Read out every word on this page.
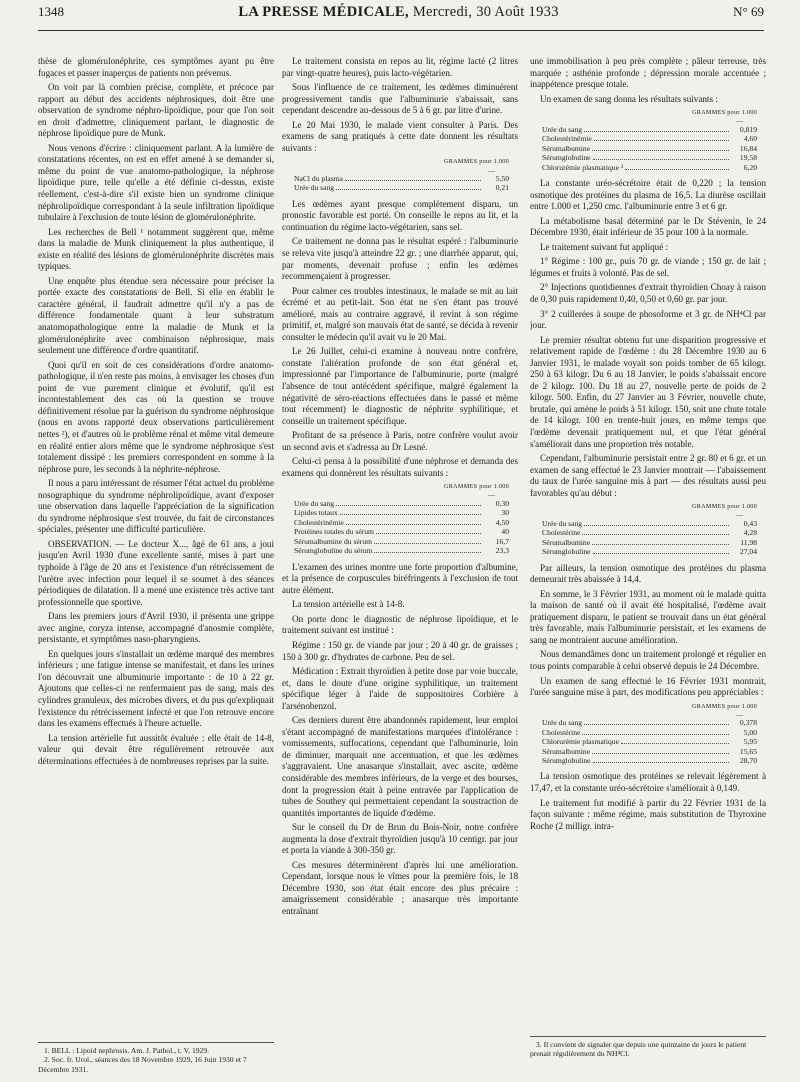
1348	LA PRESSE MÉDICALE, Mercredi, 30 Août 1933	N° 69

thèse de glomérulonéphrite, ces symptômes ayant pu être fugaces et passer inaperçus de patients non prévenus.

On voit par là combien précise, complète, et précoce par rapport au début des accidents néphrosiques, doit être une observation de syndrome néphro-lipoïdique, pour que l'on soit en droit d'admettre, cliniquement parlant, le diagnostic de néphrose lipoïdique pure de Munk.

Nous venons d'écrire : cliniquement parlant. A la lumière de constatations récentes, on est en effet amené à se demander si, même du point de vue anatomo-pathologique, la néphrose lipoïdique pure, telle qu'elle a été définie ci-dessus, existe réellement, c'est-à-dire s'il existe bien un syndrome clinique néphrolipoïdique correspondant à la seule infiltration lipoïdique tubulaire à l'exclusion de toute lésion de glomérulonéphrite.

Les recherches de Bell ¹ notamment suggèrent que, même dans la maladie de Munk cliniquement la plus authentique, il existe en réalité des lésions de glomérulonéphrite discrètes mais typiques.

Une enquête plus étendue sera nécessaire pour préciser la portée exacte des constatations de Bell. Si elle en établit le caractère général, il faudrait admettre qu'il n'y a pas de différence fondamentale quant à leur substratum anatomopathologique entre la maladie de Munk et la glomérulonéphrite avec combinaison néphrosique, mais seulement une différence d'ordre quantitatif.

Quoi qu'il en soit de ces considérations d'ordre anatomo-pathologique, il n'en reste pas moins, à envisager les choses d'un point de vue purement clinique et évolutif, qu'il est incontestablement des cas où la question se trouve définitivement résolue par la guérison du syndrome néphrosique (nous en avons rapporté deux observations particulièrement nettes ²), et d'autres où le problème rénal et même vital demeure en réalité entier alors même que le syndrome néphrosique s'est totalement dissipé : les premiers correspondent en somme à la néphrose pure, les seconds à la néphrite-néphrose.

Il nous a paru intéressant de résumer l'état actuel du problème nosographique du syndrome néphrolipoïdique, avant d'exposer une observation dans laquelle l'appréciation de la signification du syndrome néphrosique s'est trouvée, du fait de circonstances spéciales, présenter une difficulté particulière.

OBSERVATION. — Le docteur X..., âgé de 61 ans, a joui jusqu'en Avril 1930 d'une excellente santé, mises à part une typhoïde à l'âge de 20 ans et l'existence d'un rétrécissement de l'urètre avec infection pour lequel il se soumet à des séances périodiques de dilatation. Il a mené une existence très active tant professionnelle que sportive.

Dans les premiers jours d'Avril 1930, il présenta une grippe avec angine, coryza intense, accompagné d'anosmie complète, persistante, et symptômes naso-pharyngiens.

En quelques jours s'installait un œdème marqué des membres inférieurs ; une fatigue intense se manifestait, et dans les urines l'on découvrait une albuminurie importante : de 10 à 22 gr. Ajoutons que celles-ci ne renfermaient pas de sang, mais des cylindres granuleux, des microbes divers, et du pus qu'expliquait l'existence du rétrécissement infecté et que l'on retrouve encore dans les examens effectués à l'heure actuelle.

La tension artérielle fut aussitôt évaluée : elle était de 14-8, valeur qui devait être régulièrement retrouvée aux déterminations effectuées à de nombreuses reprises par la suite.

1. BELL : Lipoid nephrosis. Am. J. Pathol., t. V, 1929.

2. Soc. fr. Urol., séances des 18 Novembre 1929, 16 Juin 1930 et 7 Décembre 1931.

Le traitement consista en repos au lit, régime lacté (2 litres par vingt-quatre heures), puis lacto-végétarien.

Sous l'influence de ce traitement, les œdèmes diminuèrent progressivement tandis que l'albuminurie s'abaissait, sans cependant descendre au-dessous de 5 à 6 gr. par litre d'urine.

Le 20 Mai 1930, le malade vient consulter à Paris. Des examens de sang pratiqués à cette date donnent les résultats suivants :

GRAMMES pour 1.000
—
NaCl du plasma	5,50
Urée du sang	0,21

Les œdèmes ayant presque complètement disparu, un pronostic favorable est porté. On conseille le repos au lit, et la continuation du régime lacto-végétarien, sans sel.

Ce traitement ne donna pas le résultat espéré : l'albuminurie se releva vite jusqu'à atteindre 22 gr. ; une diarrhée apparut, qui, par moments, devenait profuse ; enfin les œdèmes recommençaient à progresser.

Pour calmer ces troubles intestinaux, le malade se mit au lait écrémé et au petit-lait. Son état ne s'en étant pas trouvé amélioré, mais au contraire aggravé, il revint à son régime primitif, et, malgré son mauvais état de santé, se décida à revenir consulter le médecin qu'il avait vu le 20 Mai.

Le 26 Juillet, celui-ci examine à nouveau notre confrère, constate l'altération profonde de son état général et, impressionné par l'importance de l'albuminurie, porte (malgré l'absence de tout antécédent spécifique, malgré également la négativité de séro-réactions effectuées dans le passé et même tout récemment) le diagnostic de néphrite syphilitique, et conseille un traitement spécifique.

Profitant de sa présence à Paris, notre confrère voulut avoir un second avis et s'adressa au Dr Lesné.

Celui-ci pensa à la possibilité d'une néphrose et demanda des examens qui donnèrent les résultats suivants :

GRAMMES pour 1.000
—
Urée du sang	0,30
Lipides totaux	30
Cholestérinémie	4,50
Protéines totales du sérum	40
Sérumalbumine du sérum	16,7
Sérumglobuline du sérum	23,3

L'examen des urines montre une forte proportion d'albumine, et la présence de corpuscules biréfringents à l'exclusion de tout autre élément.

La tension artérielle est à 14-8.

On porte donc le diagnostic de néphrose lipoïdique, et le traitement suivant est institué :

Régime : 150 gr. de viande par jour ; 20 à 40 gr. de graisses ; 150 à 300 gr. d'hydrates de carbone. Peu de sel.

Médication : Extrait thyroïdien à petite dose par voie buccale, et, dans le doute d'une origine syphilitique, un traitement spécifique léger à l'aide de suppositoires Corbière à l'arsénobenzol.

Ces derniers durent être abandonnés rapidement, leur emploi s'étant accompagné de manifestations marquées d'intolérance : vomissements, suffocations, cependant que l'albuminurie, loin de diminuer, marquait une accentuation, et que les œdèmes s'aggravaient. Une anasarque s'installait, avec ascite, œdème considérable des membres inférieurs, de la verge et des bourses, dont la progression était à peine entravée par l'application de tubes de Southey qui permettaient cependant la soustraction de quantités importantes de liquide d'œdème.

Sur le conseil du Dr de Brun du Bois-Noir, notre confrère augmenta la dose d'extrait thyroïdien jusqu'à 10 centigr. par jour et porta la viande à 300-350 gr.

Ces mesures déterminèrent d'après lui une amélioration. Cependant, lorsque nous le vîmes pour la première fois, le 18 Décembre 1930, son état était encore des plus précaire : amaigrissement considérable ; anasarque très importante entraînant

une immobilisation à peu près complète ; pâleur terreuse, très marquée ; asthénie profonde ; dépression morale accentuée ; inappétence presque totale.

Un examen de sang donna les résultats suivants :

GRAMMES pour 1.000
—
Urée du sang	0,819
Cholestérinémie	4,60
Sérumalbumine	16,84
Sérumglobuline	19,58
Chlorurémie plasmatique ³	6,20

La constante uréo-sécrétoire était de 0,220 ; la tension osmotique des protéines du plasma de 16,5. La diurèse oscillait entre 1.000 et 1,250 cmc. l'albuminurie entre 3 et 6 gr.

La métabolisme basal déterminé par le Dr Stévenin, le 24 Décembre 1930, était inférieur de 35 pour 100 à la normale.

Le traitement suivant fut appliqué :

1° Régime : 100 gr., puis 70 gr. de viande ; 150 gr. de lait ; légumes et fruits à volonté. Pas de sel.

2° Injections quotidiennes d'extrait thyroïdien Choay à raison de 0,30 puis rapidement 0,40, 0,50 et 0,60 gr. par jour.

3° 2 cuillerées à soupe de phosoforme et 3 gr. de NH⁴Cl par jour.

Le premier résultat obtenu fut une disparition progressive et relativement rapide de l'œdème : du 28 Décembre 1930 au 6 Janvier 1931, le malade voyait son poids tomber de 65 kilogr. 250 à 63 kilogr. Du 6 au 18 Janvier, le poids s'abaissait encore de 2 kilogr. 100. Du 18 au 27, nouvelle perte de poids de 2 kilogr. 500. Enfin, du 27 Janvier au 3 Février, nouvelle chute, brutale, qui amène le poids à 51 kilogr. 150, soit une chute totale de 14 kilogr. 100 en trente-huit jours, en même temps que l'œdème devenait pratiquement nul, et que l'état général s'améliorait dans une proportion très notable.

Cependant, l'albuminurie persistait entre 2 gr. 80 et 6 gr. et un examen de sang effectué le 23 Janvier montrait — l'abaissement du taux de l'urée sanguine mis à part — des résultats aussi peu favorables qu'au début :

GRAMMES pour 1.000
—
Urée du sang	0,43
Cholestérine	4,28
Sérumalbumine	11,98
Sérumglobuline	27,04

Par ailleurs, la tension osmotique des protéines du plasma demeurait très abaissée à 14,4.

En somme, le 3 Février 1931, au moment où le malade quitta la maison de santé où il avait été hospitalisé, l'œdème avait pratiquement disparu, le patient se trouvait dans un état général très favorable, mais l'albuminurie persistait, et les examens de sang ne montraient aucune amélioration.

Nous demandâmes donc un traitement prolongé et régulier en tous points comparable à celui observé depuis le 24 Décembre.

Un examen de sang effectué le 16 Février 1931 montrait, l'urée sanguine mise à part, des modifications peu appréciables :

GRAMMES pour 1.000
—
Urée du sang	0,378
Cholestérine	5,00
Chlorurémie plasmatique	5,95
Sérumalbumine	15,65
Sérumglobuline	28,70

La tension osmotique des protéines se relevait légèrement à 17,47, et la constante uréo-sécrétoire s'améliorait à 0,149.

Le traitement fut modifié à partir du 22 Février 1931 de la façon suivante : même régime, mais substitution de Thyroxine Roche (2 milligr. intra-

3. Il convient de signaler que depuis une quinzaine de jours le patient prenait régulièrement du NH⁴Cl.
